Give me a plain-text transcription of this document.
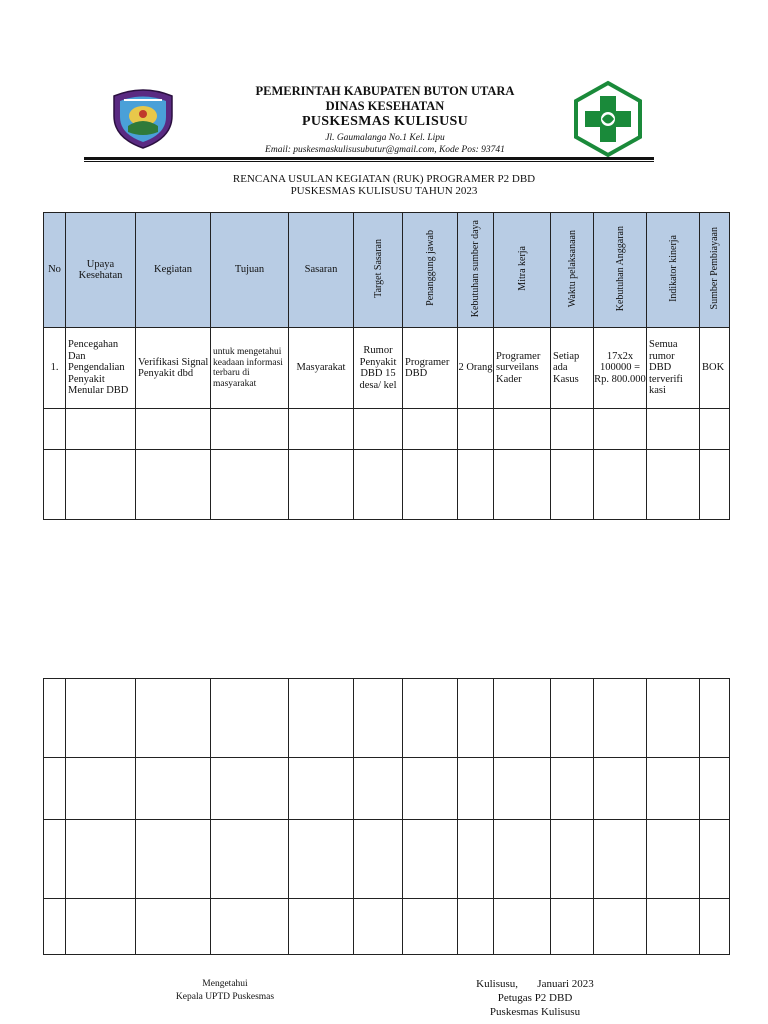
PEMERINTAH KABUPATEN BUTON UTARA
DINAS KESEHATAN
PUSKESMAS KULISUSU
Jl. Gaumalanga No.1 Kel. Lipu
Email: puskesmaskulisusubutur@gmail.com, Kode Pos: 93741
RENCANA USULAN KEGIATAN (RUK) PROGRAMER P2 DBD
PUSKESMAS KULISUSU TAHUN 2023
No	Upaya Kesehatan	Kegiatan	Tujuan	Sasaran	Target Sasaran	Penanggung jawab	Kebutuhan sumber daya	Mitra kerja	Waktu pelaksanaan	Kebutuhan Anggaran	Indikator kinerja	Sumber Pembiayaan
1.	Pencegahan Dan Pengendalian Penyakit Menular DBD	Verifikasi Signal Penyakit dbd	untuk mengetahui keadaan informasi terbaru di masyarakat	Masyarakat	Rumor Penyakit DBD 15 desa/ kel	Programer DBD	2 Orang	Programer surveilans Kader	Setiap ada Kasus	17x2x 100000 = Rp. 800.000	Semua rumor DBD terverifi kasi	BOK

Mengetahui
Kepala UPTD Puskesmas
Kulisusu,       Januari 2023
Petugas P2 DBD
Puskesmas Kulisusu
